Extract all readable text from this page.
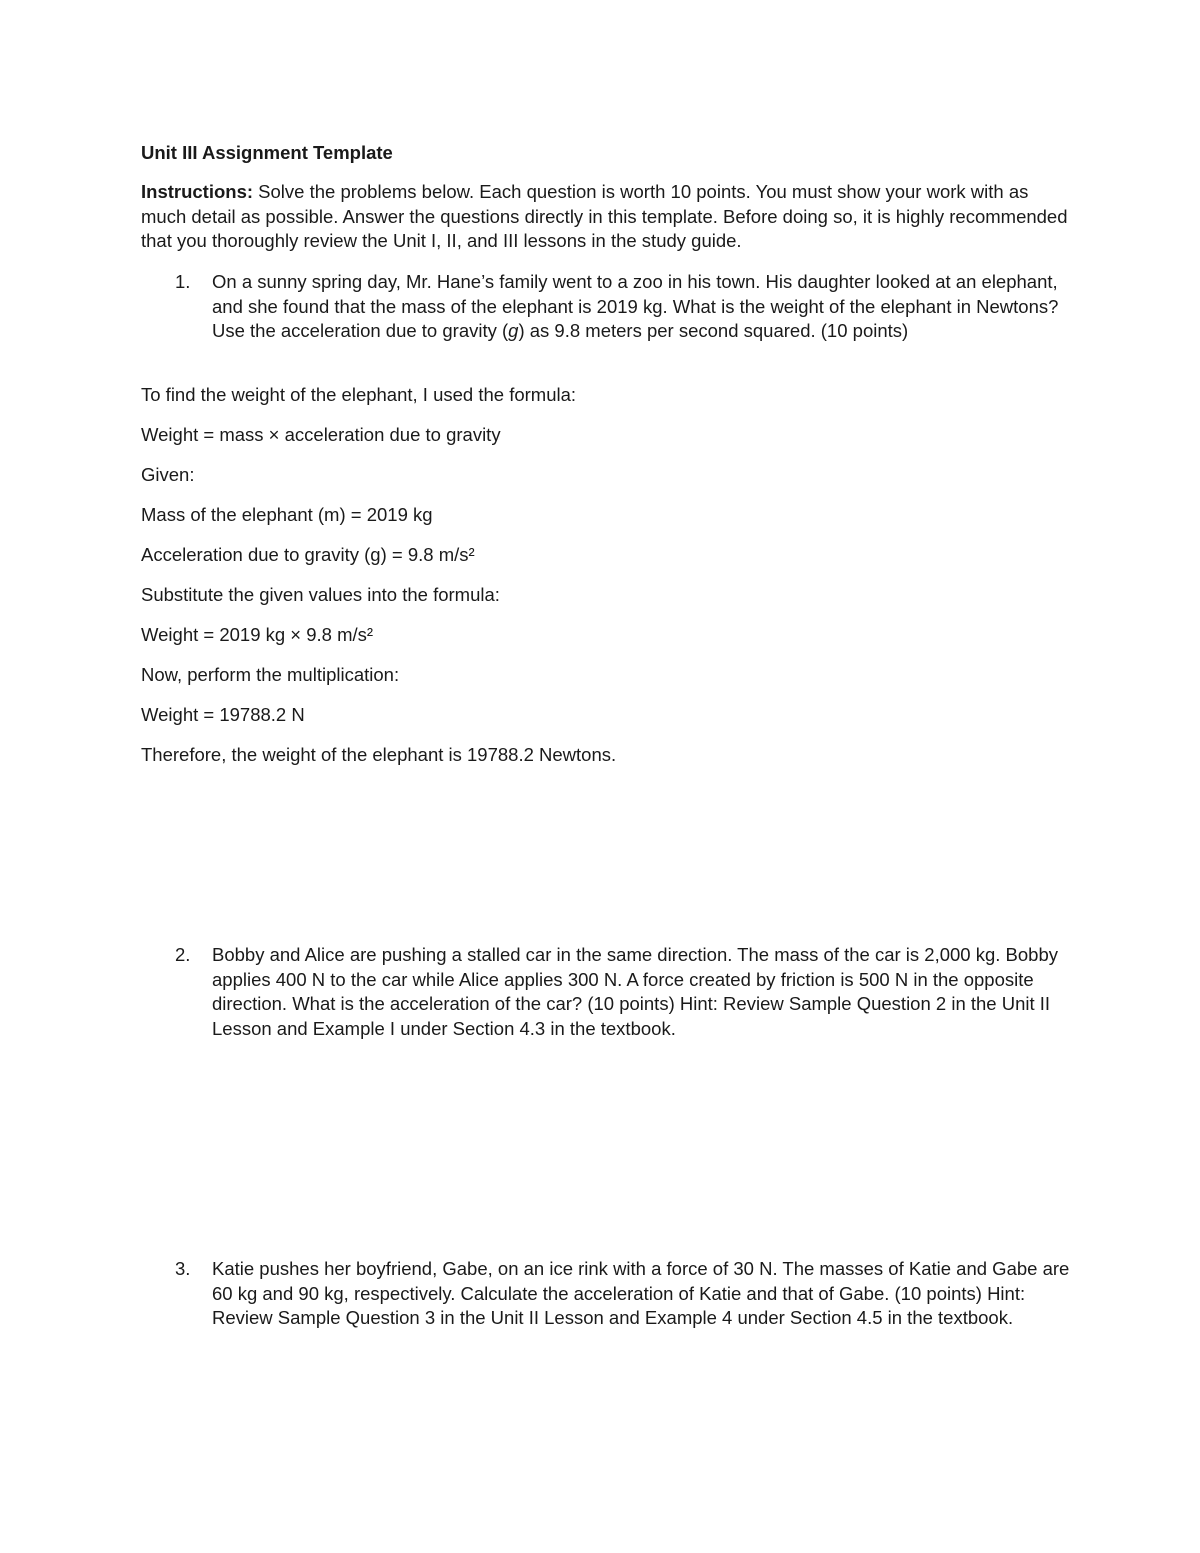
Unit III Assignment Template

Instructions: Solve the problems below. Each question is worth 10 points. You must show your work with as much detail as possible. Answer the questions directly in this template. Before doing so, it is highly recommended that you thoroughly review the Unit I, II, and III lessons in the study guide.

1.	On a sunny spring day, Mr. Hane’s family went to a zoo in his town. His daughter looked at an elephant, and she found that the mass of the elephant is 2019 kg. What is the weight of the elephant in Newtons? Use the acceleration due to gravity (g) as 9.8 meters per second squared. (10 points)

To find the weight of the elephant, I used the formula:

Weight = mass × acceleration due to gravity

Given:

Mass of the elephant (m) = 2019 kg

Acceleration due to gravity (g) = 9.8 m/s²

Substitute the given values into the formula:

Weight = 2019 kg × 9.8 m/s²

Now, perform the multiplication:

Weight = 19788.2 N

Therefore, the weight of the elephant is 19788.2 Newtons.

2.	Bobby and Alice are pushing a stalled car in the same direction. The mass of the car is 2,000 kg. Bobby applies 400 N to the car while Alice applies 300 N. A force created by friction is 500 N in the opposite direction. What is the acceleration of the car? (10 points) Hint: Review Sample Question 2 in the Unit II Lesson and Example I under Section 4.3 in the textbook.
3.	Katie pushes her boyfriend, Gabe, on an ice rink with a force of 30 N. The masses of Katie and Gabe are 60 kg and 90 kg, respectively. Calculate the acceleration of Katie and that of Gabe. (10 points) Hint: Review Sample Question 3 in the Unit II Lesson and Example 4 under Section 4.5 in the textbook.
